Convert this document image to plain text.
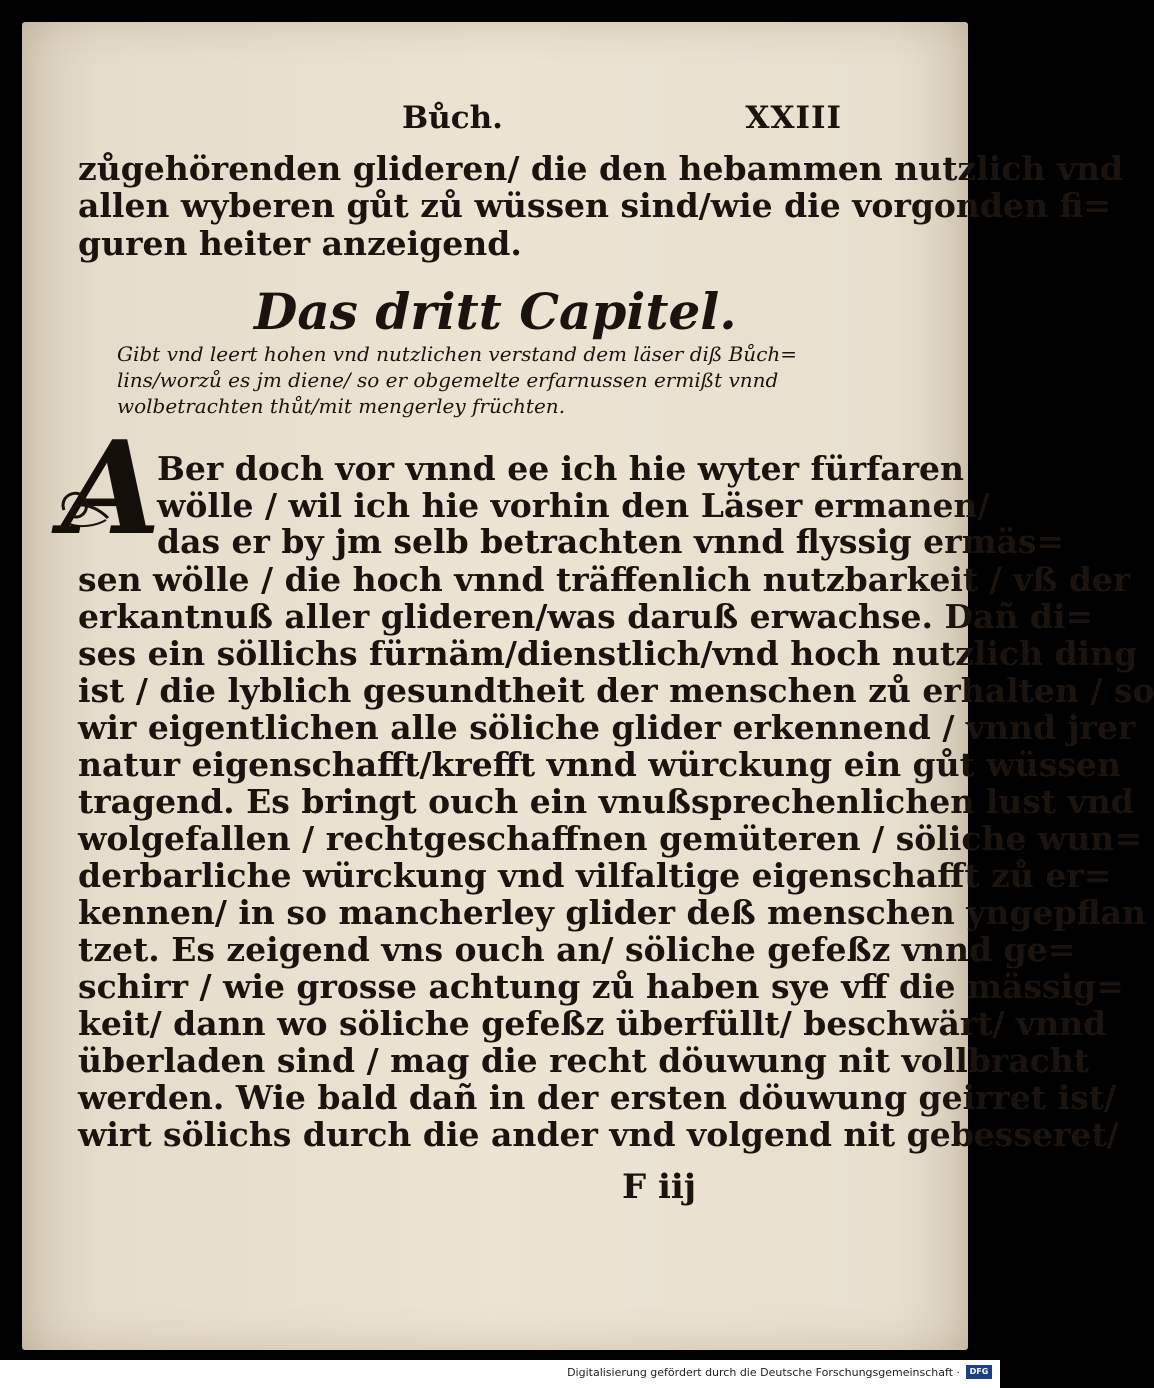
Bůch.	XXIII
zůgehörenden glideren/ die den hebammen nutzlich vnd
allen wyberen gůt zů wüssen sind/wie die vorgonden fi=
guren heiter anzeigend.
Das dritt Capitel.
Gibt vnd leert hohen vnd nutzlichen verstand dem läser diß Bůch=
lins/worzů es jm diene/ so er obgemelte erfarnussen ermißt vnnd
wolbetrachten thůt/mit mengerley früchten.
A
Ber doch vor vnnd ee ich hie wyter fürfaren
wölle / wil ich hie vorhin den Läser ermanen/
das er by jm selb betrachten vnnd flyssig ermäs=
sen wölle / die hoch vnnd träffenlich nutzbarkeit / vß der
erkantnuß aller glideren/was daruß erwachse. Dañ di=
ses ein söllichs fürnäm/dienstlich/vnd hoch nutzlich ding
ist / die lyblich gesundtheit der menschen zů erhalten / so
wir eigentlichen alle söliche glider erkennend / vnnd jrer
natur eigenschafft/krefft vnnd würckung ein gůt wüssen
tragend. Es bringt ouch ein vnußsprechenlichen lust vnd
wolgefallen / rechtgeschaffnen gemüteren / söliche wun=
derbarliche würckung vnd vilfaltige eigenschafft zů er=
kennen/ in so mancherley glider deß menschen yngepflan
tzet. Es zeigend vns ouch an/ söliche gefeßz vnnd ge=
schirr / wie grosse achtung zů haben sye vff die mässig=
keit/ dann wo söliche gefeßz überfüllt/ beschwärt/ vnnd
überladen sind / mag die recht döuwung nit vollbracht
werden. Wie bald dañ in der ersten döuwung geirret ist/
wirt sölichs durch die ander vnd volgend nit gebesseret/
F iij
Digitalisierung gefördert durch die Deutsche Forschungsgemeinschaft ·	DFG
